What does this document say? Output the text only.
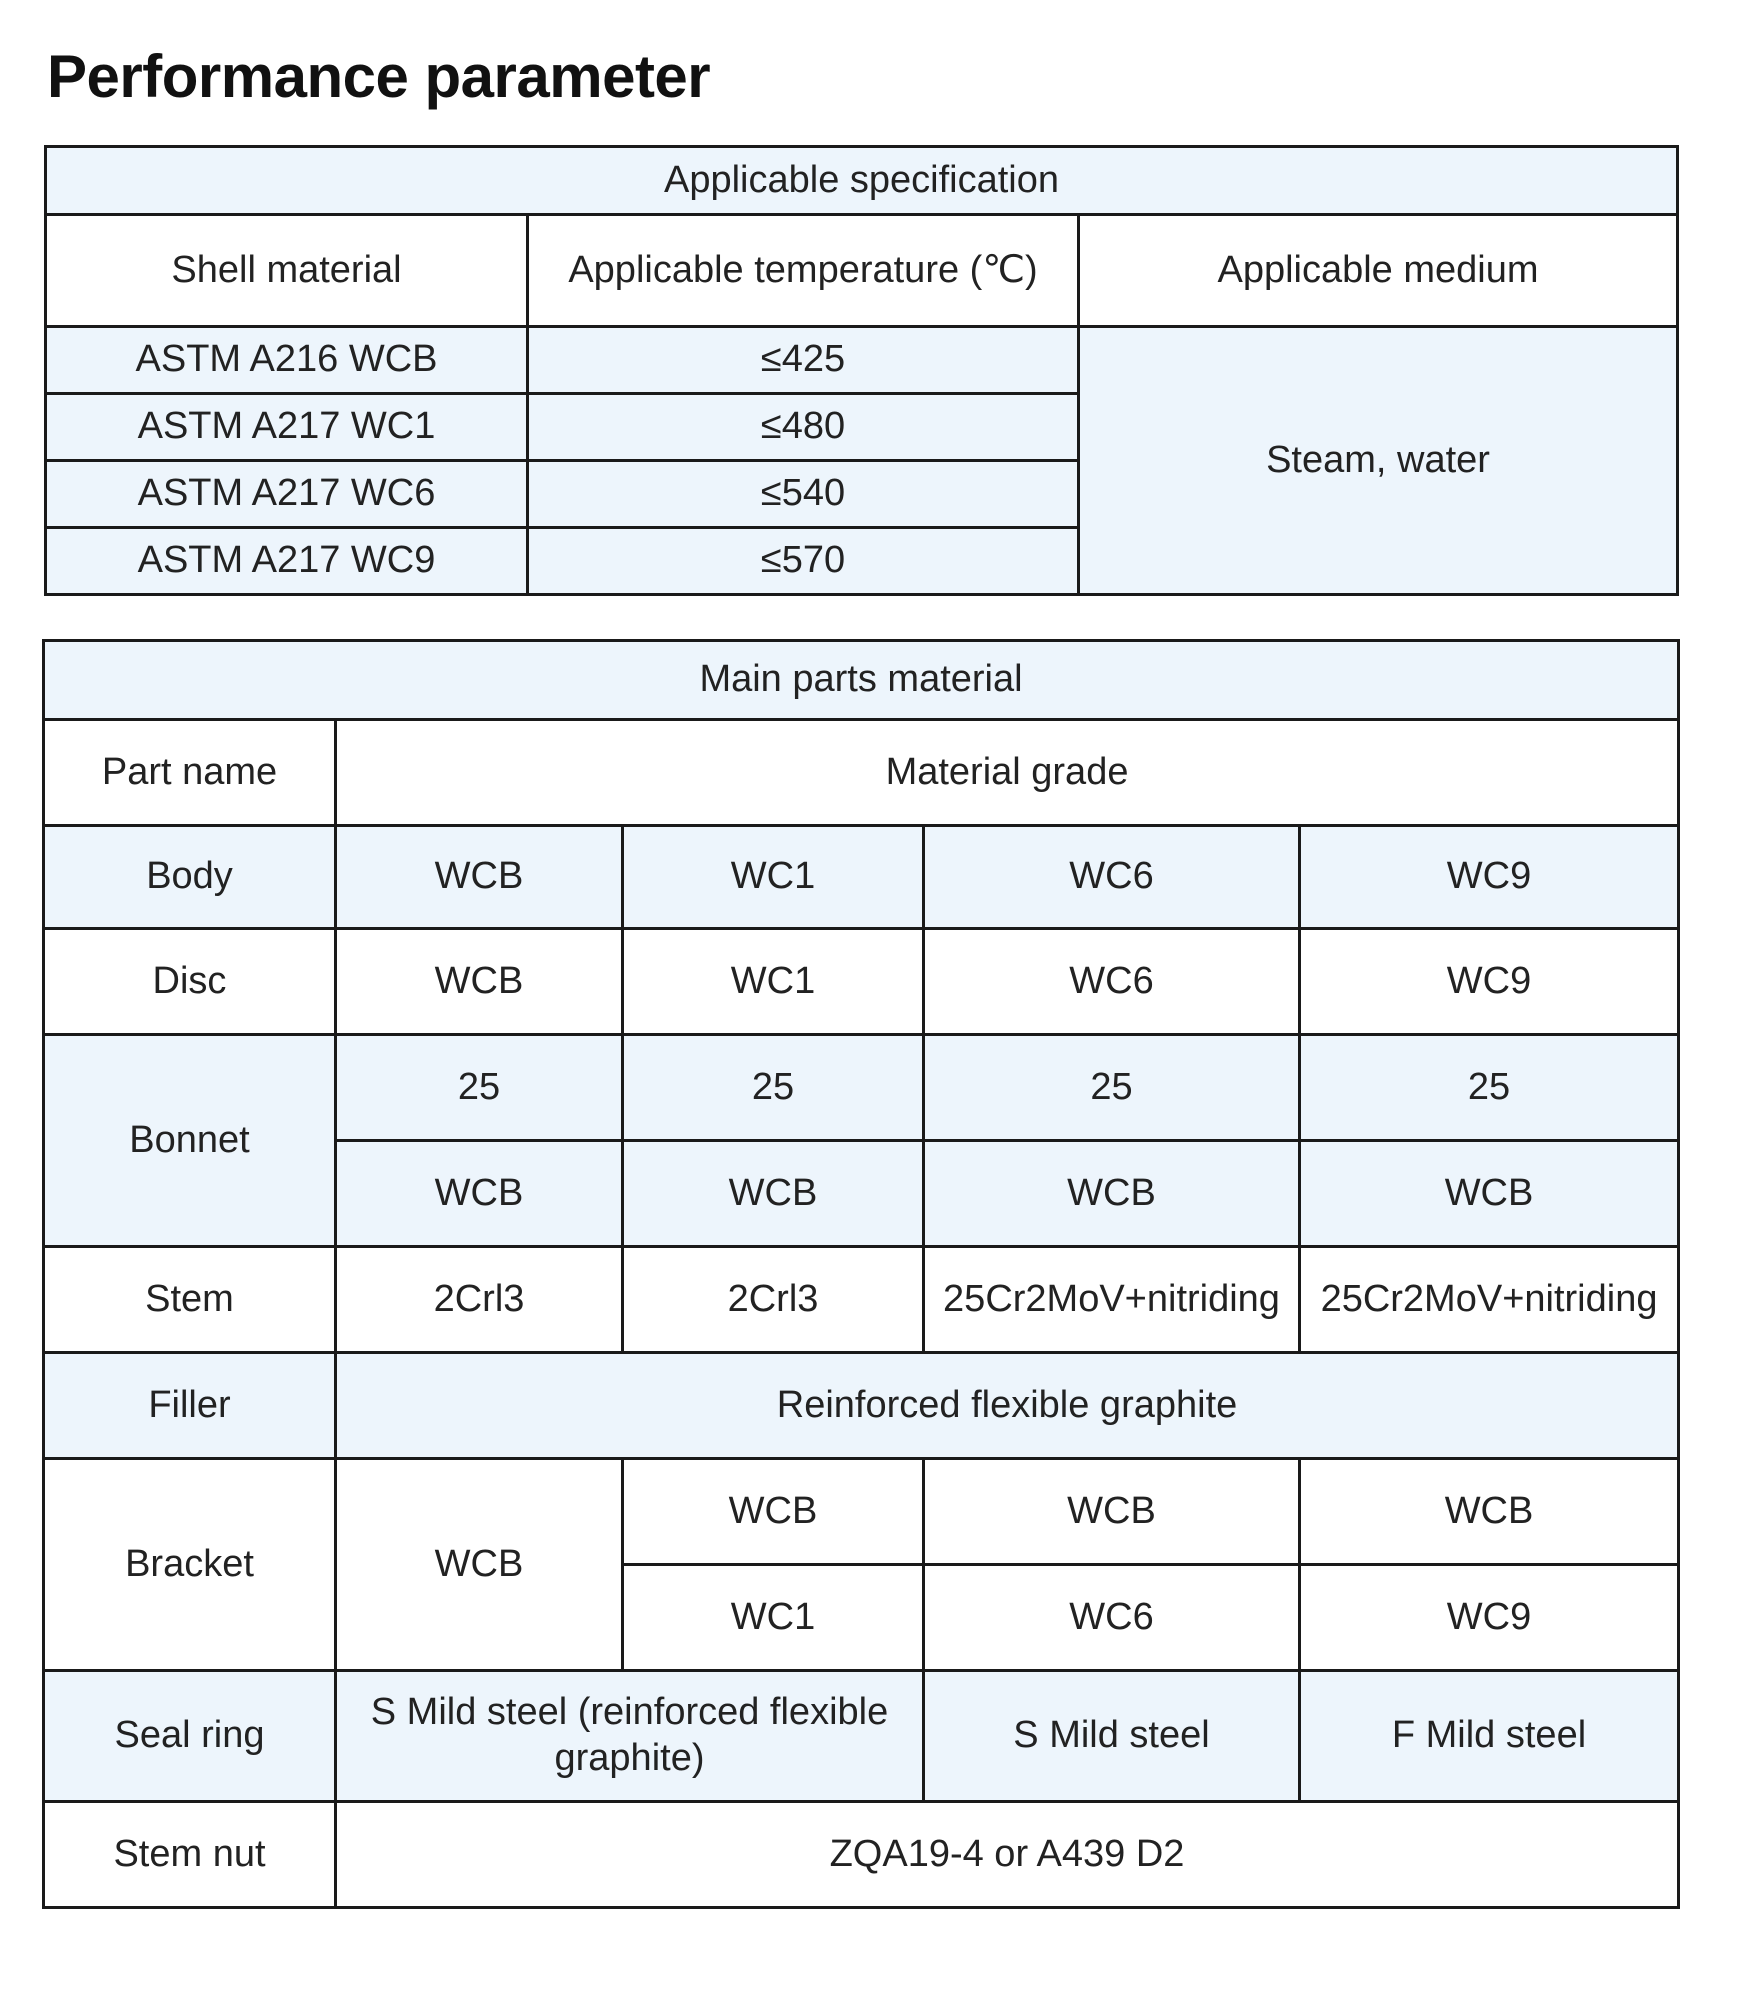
Performance parameter
Applicable specification		
Shell material	Applicable temperature (℃)	Applicable medium
ASTM A216 WCB	≤425	Steam, water
ASTM A217 WC1	≤480	
ASTM A217 WC6	≤540	
ASTM A217 WC9	≤570	
Main parts material				
Part name	Material grade			
Body	WCB	WC1	WC6	WC9
Disc	WCB	WC1	WC6	WC9
Bonnet	25	25	25	25
	WCB	WCB	WCB	WCB
Stem	2Crl3	2Crl3	25Cr2MoV+nitriding	25Cr2MoV+nitriding
Filler	Reinforced flexible graphite			
Bracket	WCB	WCB	WCB	WCB
		WC1	WC6	WC9
Seal ring	S Mild steel (reinforced flexible graphite)		S Mild steel	F Mild steel
Stem nut	ZQA19-4 or A439 D2			
